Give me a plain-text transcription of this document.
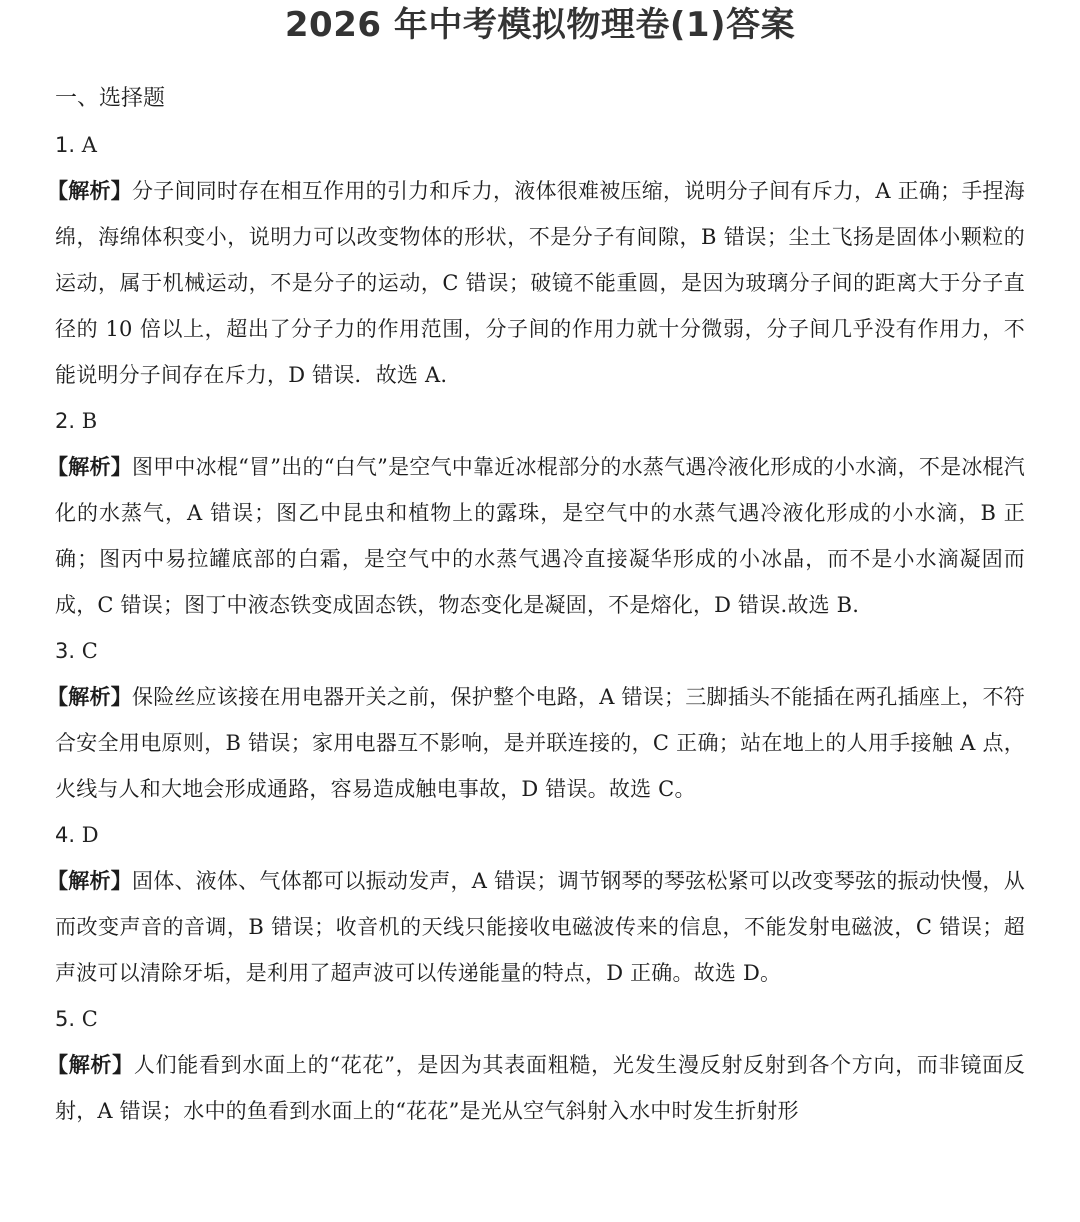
2026 年中考模拟物理卷(1)答案
一、选择题
1. A
【解析】分子间同时存在相互作用的引力和斥力，液体很难被压缩，说明分子间有斥力，A 正确；手捏海绵，海绵体积变小，说明力可以改变物体的形状，不是分子有间隙，B 错误；尘土飞扬是固体小颗粒的运动，属于机械运动，不是分子的运动，C 错误；破镜不能重圆，是因为玻璃分子间的距离大于分子直径的 10 倍以上，超出了分子力的作用范围，分子间的作用力就十分微弱，分子间几乎没有作用力，不能说明分子间存在斥力，D 错误．故选 A.
2. B
【解析】图甲中冰棍“冒”出的“白气”是空气中靠近冰棍部分的水蒸气遇冷液化形成的小水滴，不是冰棍汽化的水蒸气，A 错误；图乙中昆虫和植物上的露珠，是空气中的水蒸气遇冷液化形成的小水滴，B 正确；图丙中易拉罐底部的白霜，是空气中的水蒸气遇冷直接凝华形成的小冰晶，而不是小水滴凝固而成，C 错误；图丁中液态铁变成固态铁，物态变化是凝固，不是熔化，D 错误.故选 B.
3. C
【解析】保险丝应该接在用电器开关之前，保护整个电路，A 错误；三脚插头不能插在两孔插座上，不符合安全用电原则，B 错误；家用电器互不影响，是并联连接的，C 正确；站在地上的人用手接触 A 点，火线与人和大地会形成通路，容易造成触电事故，D 错误。故选 C。
4. D
【解析】固体、液体、气体都可以振动发声，A 错误；调节钢琴的琴弦松紧可以改变琴弦的振动快慢，从而改变声音的音调，B 错误；收音机的天线只能接收电磁波传来的信息，不能发射电磁波，C 错误；超声波可以清除牙垢，是利用了超声波可以传递能量的特点，D 正确。故选 D。
5. C
【解析】人们能看到水面上的“花花”，是因为其表面粗糙，光发生漫反射反射到各个方向，而非镜面反射，A 错误；水中的鱼看到水面上的“花花”是光从空气斜射入水中时发生折射形
